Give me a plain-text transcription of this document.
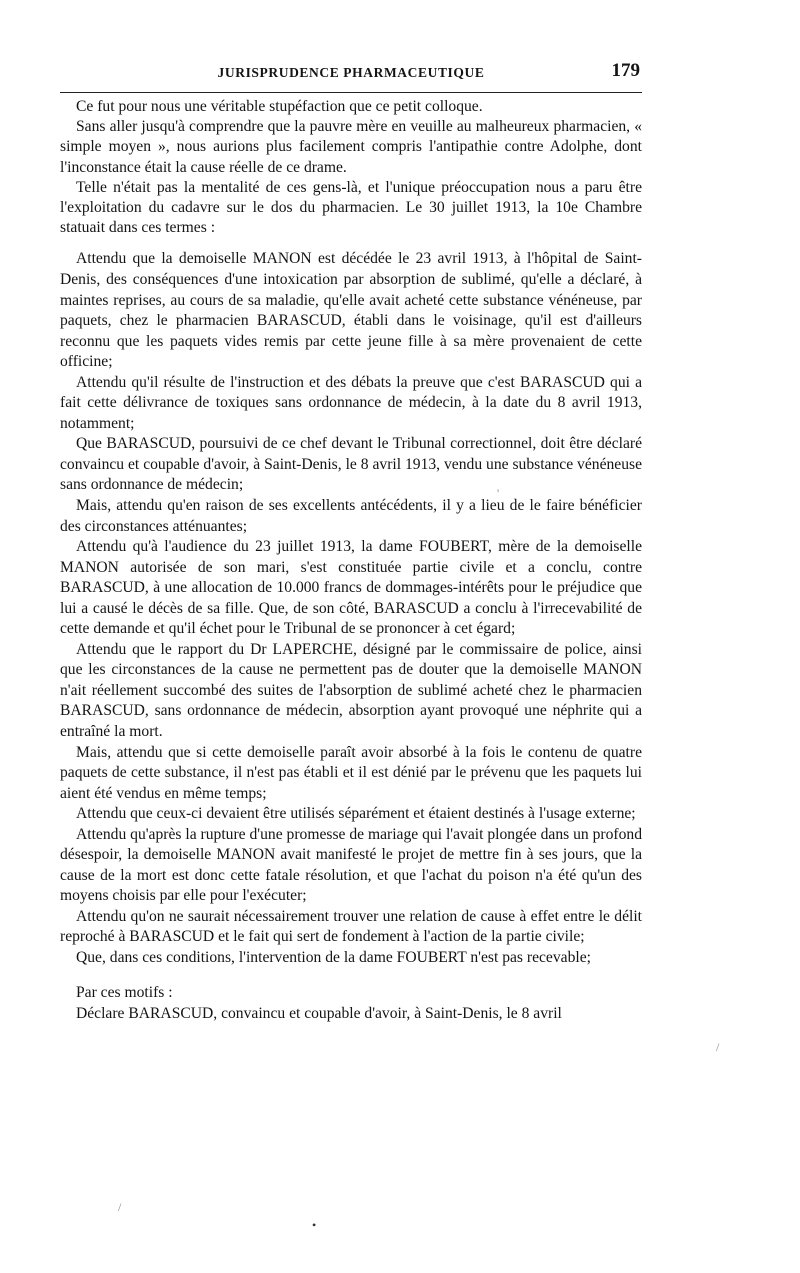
JURISPRUDENCE PHARMACEUTIQUE	179

Ce fut pour nous une véritable stupéfaction que ce petit colloque.

Sans aller jusqu'à comprendre que la pauvre mère en veuille au malheureux pharmacien, « simple moyen », nous aurions plus facilement compris l'antipathie contre Adolphe, dont l'inconstance était la cause réelle de ce drame.

Telle n'était pas la mentalité de ces gens-là, et l'unique préoccupation nous a paru être l'exploitation du cadavre sur le dos du pharmacien. Le 30 juillet 1913, la 10e Chambre statuait dans ces termes :

Attendu que la demoiselle MANON est décédée le 23 avril 1913, à l'hôpital de Saint-Denis, des conséquences d'une intoxication par absorption de sublimé, qu'elle a déclaré, à maintes reprises, au cours de sa maladie, qu'elle avait acheté cette substance vénéneuse, par paquets, chez le pharmacien BARASCUD, établi dans le voisinage, qu'il est d'ailleurs reconnu que les paquets vides remis par cette jeune fille à sa mère provenaient de cette officine;

Attendu qu'il résulte de l'instruction et des débats la preuve que c'est BARASCUD qui a fait cette délivrance de toxiques sans ordonnance de médecin, à la date du 8 avril 1913, notamment;

Que BARASCUD, poursuivi de ce chef devant le Tribunal correctionnel, doit être déclaré convaincu et coupable d'avoir, à Saint-Denis, le 8 avril 1913, vendu une substance vénéneuse sans ordonnance de médecin;

Mais, attendu qu'en raison de ses excellents antécédents, il y a lieu de le faire bénéficier des circonstances atténuantes;

Attendu qu'à l'audience du 23 juillet 1913, la dame FOUBERT, mère de la demoiselle MANON autorisée de son mari, s'est constituée partie civile et a conclu, contre BARASCUD, à une allocation de 10.000 francs de dommages-intérêts pour le préjudice que lui a causé le décès de sa fille. Que, de son côté, BARASCUD a conclu à l'irrecevabilité de cette demande et qu'il échet pour le Tribunal de se prononcer à cet égard;

Attendu que le rapport du Dr LAPERCHE, désigné par le commissaire de police, ainsi que les circonstances de la cause ne permettent pas de douter que la demoiselle MANON n'ait réellement succombé des suites de l'absorption de sublimé acheté chez le pharmacien BARASCUD, sans ordonnance de médecin, absorption ayant provoqué une néphrite qui a entraîné la mort.

Mais, attendu que si cette demoiselle paraît avoir absorbé à la fois le contenu de quatre paquets de cette substance, il n'est pas établi et il est dénié par le prévenu que les paquets lui aient été vendus en même temps;

Attendu que ceux-ci devaient être utilisés séparément et étaient destinés à l'usage externe;

Attendu qu'après la rupture d'une promesse de mariage qui l'avait plongée dans un profond désespoir, la demoiselle MANON avait manifesté le projet de mettre fin à ses jours, que la cause de la mort est donc cette fatale résolution, et que l'achat du poison n'a été qu'un des moyens choisis par elle pour l'exécuter;

Attendu qu'on ne saurait nécessairement trouver une relation de cause à effet entre le délit reproché à BARASCUD et le fait qui sert de fondement à l'action de la partie civile;

Que, dans ces conditions, l'intervention de la dame FOUBERT n'est pas recevable;

Par ces motifs :

Déclare BARASCUD, convaincu et coupable d'avoir, à Saint-Denis, le 8 avril

'
/
•
/
